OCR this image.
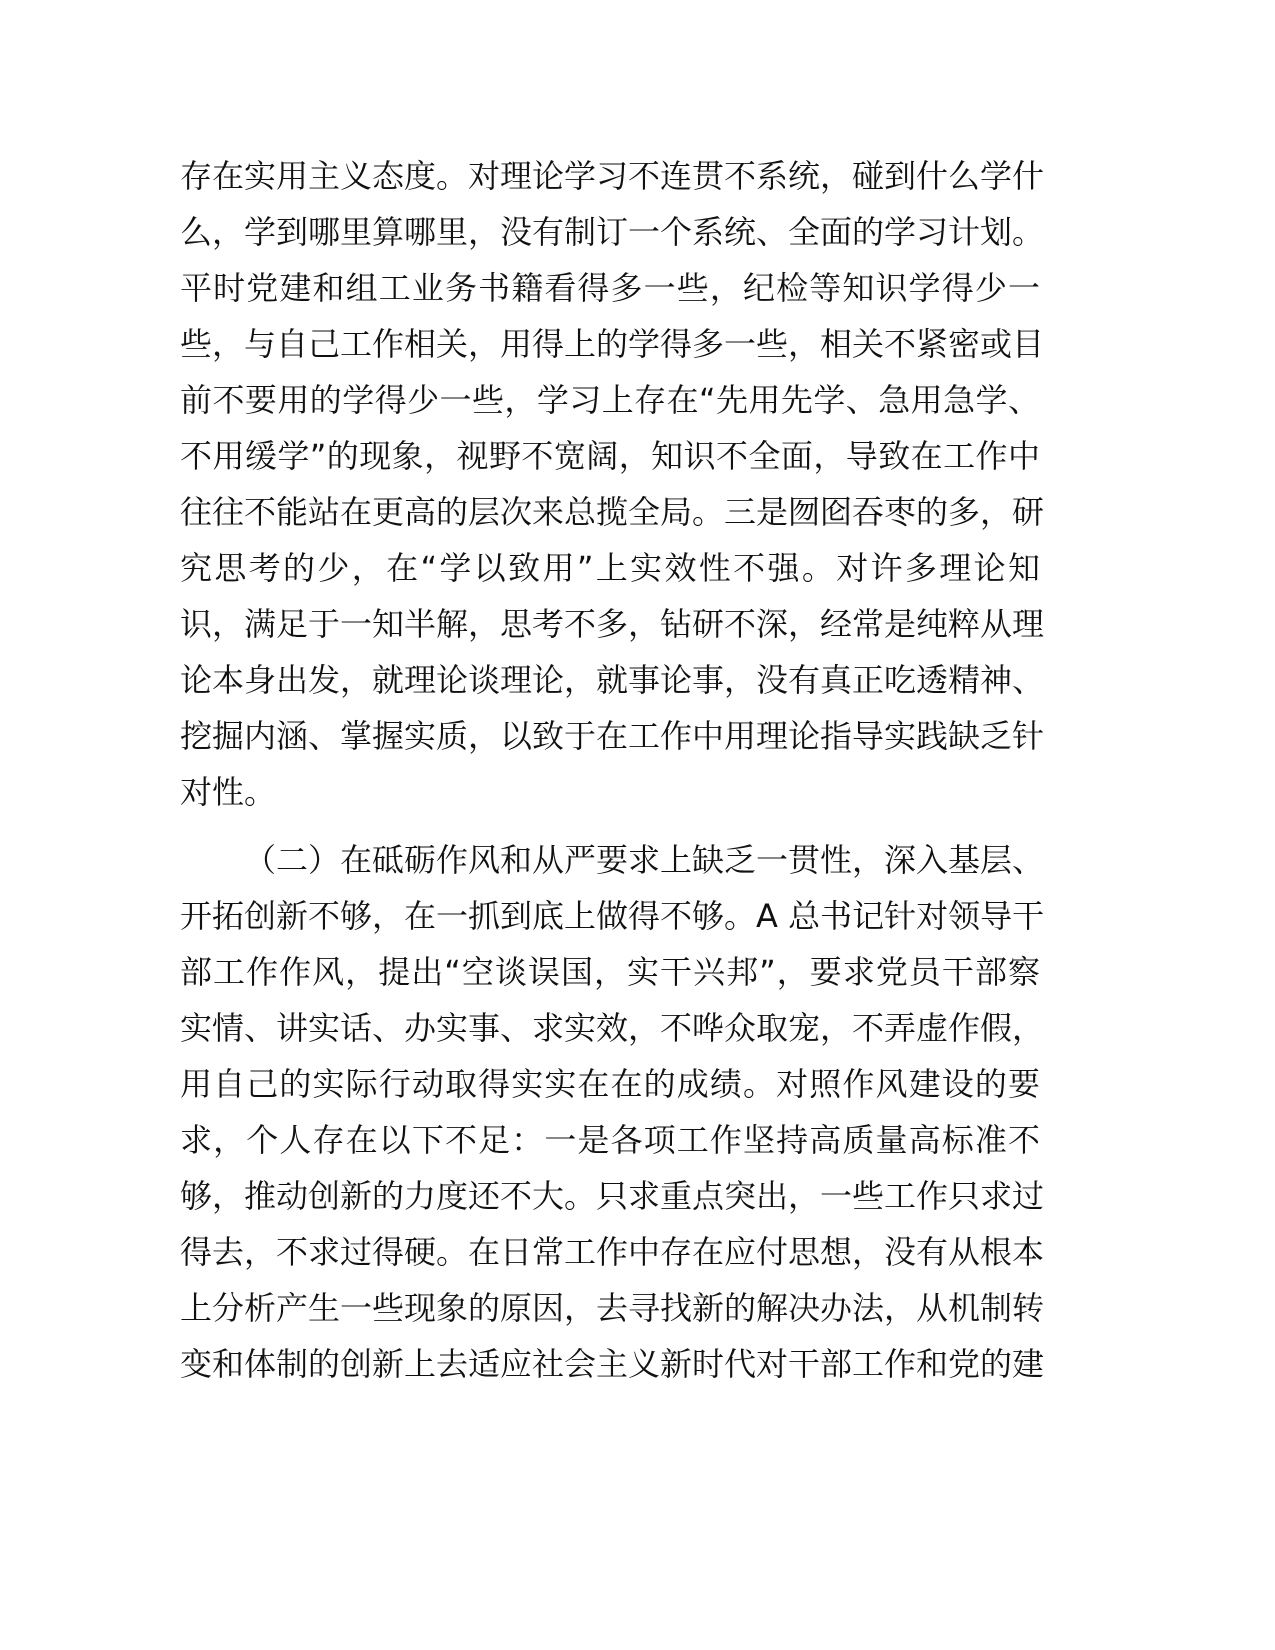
存在实用主义态度。对理论学习不连贯不系统，碰到什么学什
么，学到哪里算哪里，没有制订一个系统、全面的学习计划。
平时党建和组工业务书籍看得多一些，纪检等知识学得少一
些，与自己工作相关，用得上的学得多一些，相关不紧密或目
前不要用的学得少一些，学习上存在“先用先学、急用急学、
不用缓学”的现象，视野不宽阔，知识不全面，导致在工作中
往往不能站在更高的层次来总揽全局。三是囫囵吞枣的多，研
究思考的少，在“学以致用”上实效性不强。对许多理论知
识，满足于一知半解，思考不多，钻研不深，经常是纯粹从理
论本身出发，就理论谈理论，就事论事，没有真正吃透精神、
挖掘内涵、掌握实质，以致于在工作中用理论指导实践缺乏针
对性。
（二）在砥砺作风和从严要求上缺乏一贯性，深入基层、
开拓创新不够，在一抓到底上做得不够。A 总书记针对领导干
部工作作风，提出“空谈误国，实干兴邦”，要求党员干部察
实情、讲实话、办实事、求实效，不哗众取宠，不弄虚作假，
用自己的实际行动取得实实在在的成绩。对照作风建设的要
求，个人存在以下不足：一是各项工作坚持高质量高标准不
够，推动创新的力度还不大。只求重点突出，一些工作只求过
得去，不求过得硬。在日常工作中存在应付思想，没有从根本
上分析产生一些现象的原因，去寻找新的解决办法，从机制转
变和体制的创新上去适应社会主义新时代对干部工作和党的建
